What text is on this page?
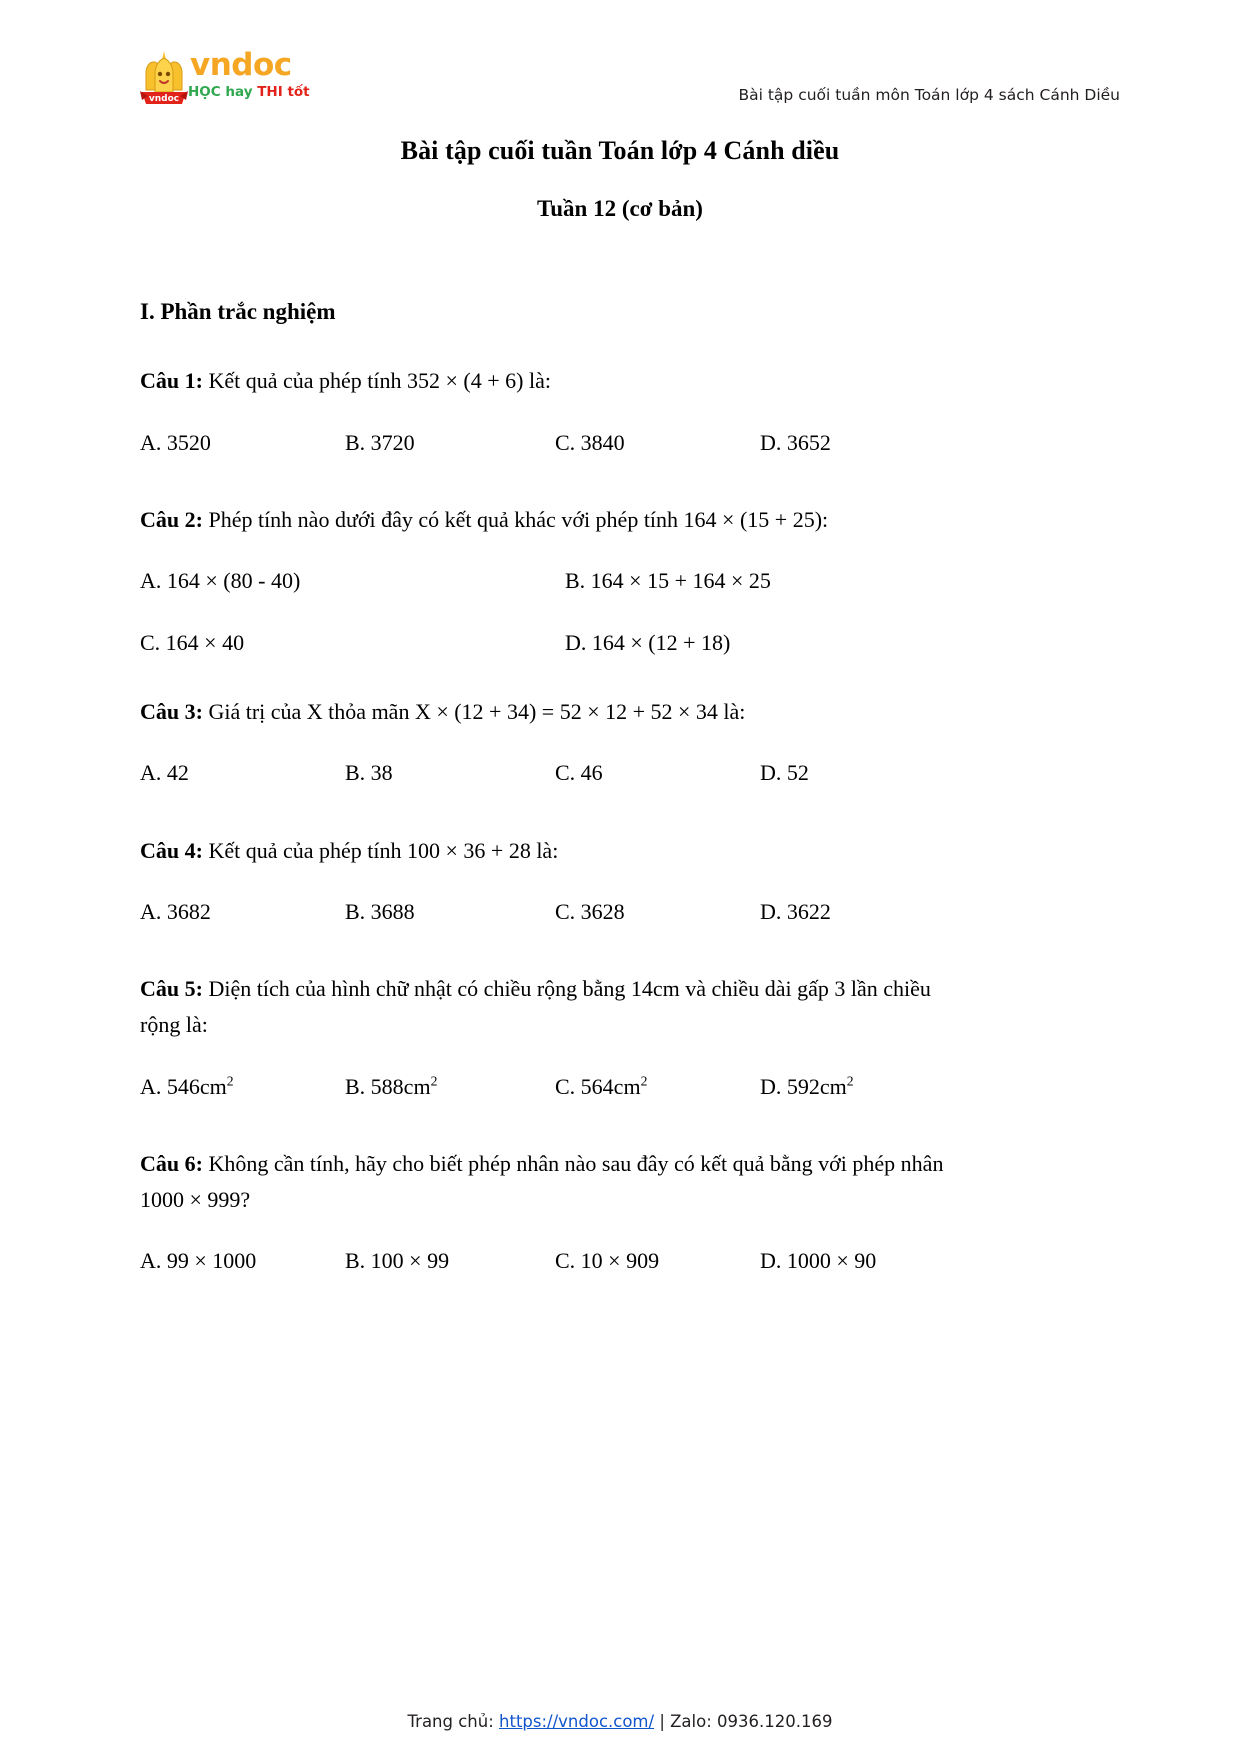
vndoc
vndoc
HỌC hay THI tốt	Bài tập cuối tuần môn Toán lớp 4 sách Cánh Diều
Bài tập cuối tuần Toán lớp 4 Cánh diều
Tuần 12 (cơ bản)
I. Phần trắc nghiệm

Câu 1: Kết quả của phép tính 352 × (4 + 6) là:

A. 3520	B. 3720	C. 3840	D. 3652

Câu 2: Phép tính nào dưới đây có kết quả khác với phép tính 164 × (15 + 25):

A. 164 × (80 - 40)	B. 164 × 15 + 164 × 25
C. 164 × 40	D. 164 × (12 + 18)

Câu 3: Giá trị của X thỏa mãn X × (12 + 34) = 52 × 12 + 52 × 34 là:

A. 42	B. 38	C. 46	D. 52

Câu 4: Kết quả của phép tính 100 × 36 + 28 là:

A. 3682	B. 3688	C. 3628	D. 3622

Câu 5: Diện tích của hình chữ nhật có chiều rộng bằng 14cm và chiều dài gấp 3 lần chiều rộng là:

A. $546cm^2$	B. $588cm^2$	C. $564cm^2$	D. $592cm^2$

Câu 6: Không cần tính, hãy cho biết phép nhân nào sau đây có kết quả bằng với phép nhân 1000 × 999?

A. 99 × 1000	B. 100 × 99	C. 10 × 909	D. 1000 × 90
Trang chủ: https://vndoc.com/ | Zalo: 0936.120.169
